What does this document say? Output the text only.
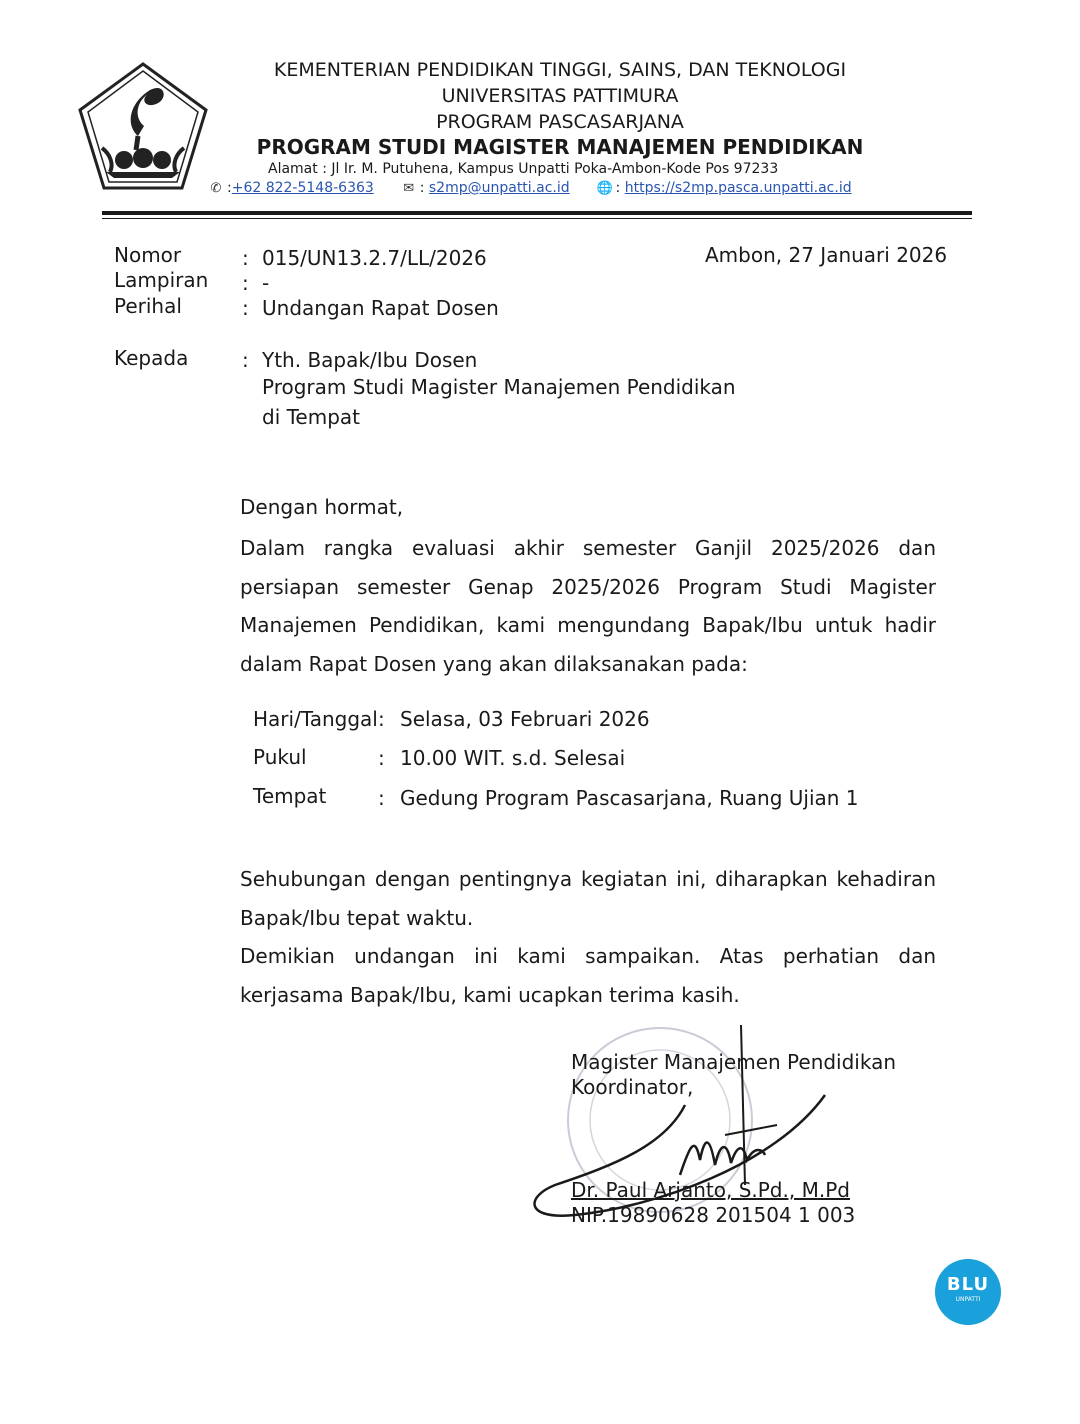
KEMENTERIAN PENDIDIKAN TINGGI, SAINS, DAN TEKNOLOGI
UNIVERSITAS PATTIMURA
PROGRAM PASCASARJANA
PROGRAM STUDI MAGISTER MANAJEMEN PENDIDIKAN
Alamat : Jl Ir. M. Putuhena, Kampus Unpatti Poka-Ambon-Kode Pos 97233
✆ :+62 822-5148-6363 ✉ : s2mp@unpatti.ac.id 🌐 : https://s2mp.pasca.unpatti.ac.id
Nomor	: 015/UN13.2.7/LL/2026	Ambon, 27 Januari 2026
Lampiran : -
Perihal	: Undangan Rapat Dosen
Kepada	: Yth. Bapak/Ibu Dosen
Program Studi Magister Manajemen Pendidikan
di Tempat
Dengan hormat,

Dalam rangka evaluasi akhir semester Ganjil 2025/2026 dan persiapan semester Genap 2025/2026 Program Studi Magister Manajemen Pendidikan, kami mengundang Bapak/Ibu untuk hadir dalam Rapat Dosen yang akan dilaksanakan pada:

Hari/Tanggal : Selasa, 03 Februari 2026
Pukul	: 10.00 WIT. s.d. Selesai
Tempat	: Gedung Program Pascasarjana, Ruang Ujian 1

Sehubungan dengan pentingnya kegiatan ini, diharapkan kehadiran Bapak/Ibu tepat waktu.

Demikian undangan ini kami sampaikan. Atas perhatian dan kerjasama Bapak/Ibu, kami ucapkan terima kasih.

Magister Manajemen Pendidikan
Koordinator,
Dr. Paul Arjanto, S.Pd., M.Pd
NIP.19890628 201504 1 003
BLU
UNPATTI
